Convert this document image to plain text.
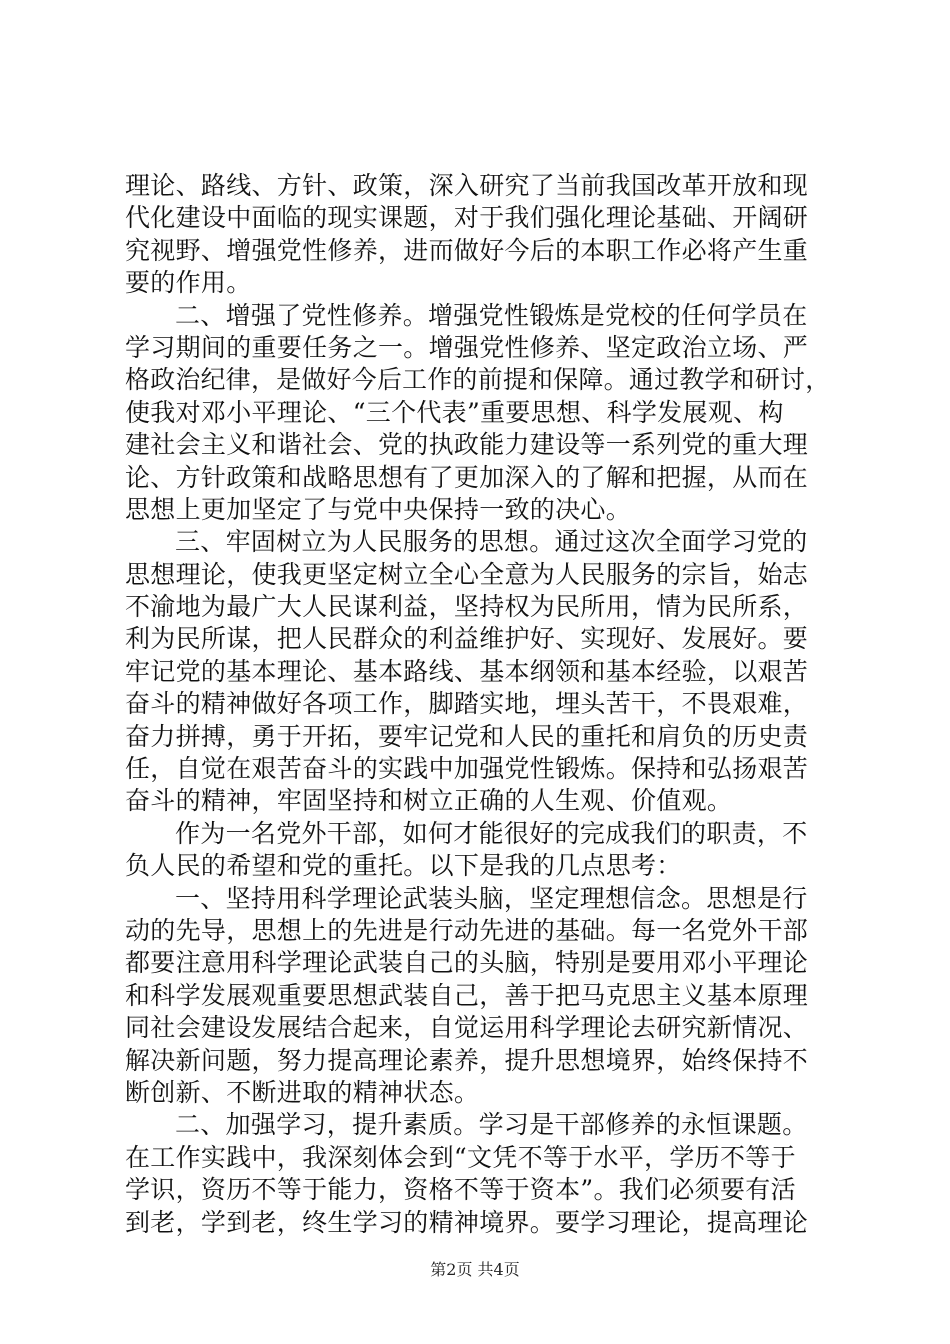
理论、路线、方针、政策，深入研究了当前我国改革开放和现
代化建设中面临的现实课题，对于我们强化理论基础、开阔研
究视野、增强党性修养，进而做好今后的本职工作必将产生重
要的作用。
二、增强了党性修养。增强党性锻炼是党校的任何学员在
学习期间的重要任务之一。增强党性修养、坚定政治立场、严
格政治纪律，是做好今后工作的前提和保障。通过教学和研讨，
使我对邓小平理论、“三个代表”重要思想、科学发展观、构
建社会主义和谐社会、党的执政能力建设等一系列党的重大理
论、方针政策和战略思想有了更加深入的了解和把握，从而在
思想上更加坚定了与党中央保持一致的决心。
三、牢固树立为人民服务的思想。通过这次全面学习党的
思想理论，使我更坚定树立全心全意为人民服务的宗旨，始志
不渝地为最广大人民谋利益，坚持权为民所用，情为民所系，
利为民所谋，把人民群众的利益维护好、实现好、发展好。要
牢记党的基本理论、基本路线、基本纲领和基本经验，以艰苦
奋斗的精神做好各项工作，脚踏实地，埋头苦干，不畏艰难，
奋力拼搏，勇于开拓，要牢记党和人民的重托和肩负的历史责
任，自觉在艰苦奋斗的实践中加强党性锻炼。保持和弘扬艰苦
奋斗的精神，牢固坚持和树立正确的人生观、价值观。
作为一名党外干部，如何才能很好的完成我们的职责，不
负人民的希望和党的重托。以下是我的几点思考：
一、坚持用科学理论武装头脑，坚定理想信念。思想是行
动的先导，思想上的先进是行动先进的基础。每一名党外干部
都要注意用科学理论武装自己的头脑，特别是要用邓小平理论
和科学发展观重要思想武装自己，善于把马克思主义基本原理
同社会建设发展结合起来，自觉运用科学理论去研究新情况、
解决新问题，努力提高理论素养，提升思想境界，始终保持不
断创新、不断进取的精神状态。
二、加强学习，提升素质。学习是干部修养的永恒课题。
在工作实践中，我深刻体会到“文凭不等于水平，学历不等于
学识，资历不等于能力，资格不等于资本”。我们必须要有活
到老，学到老，终生学习的精神境界。要学习理论，提高理论
第2页 共4页
